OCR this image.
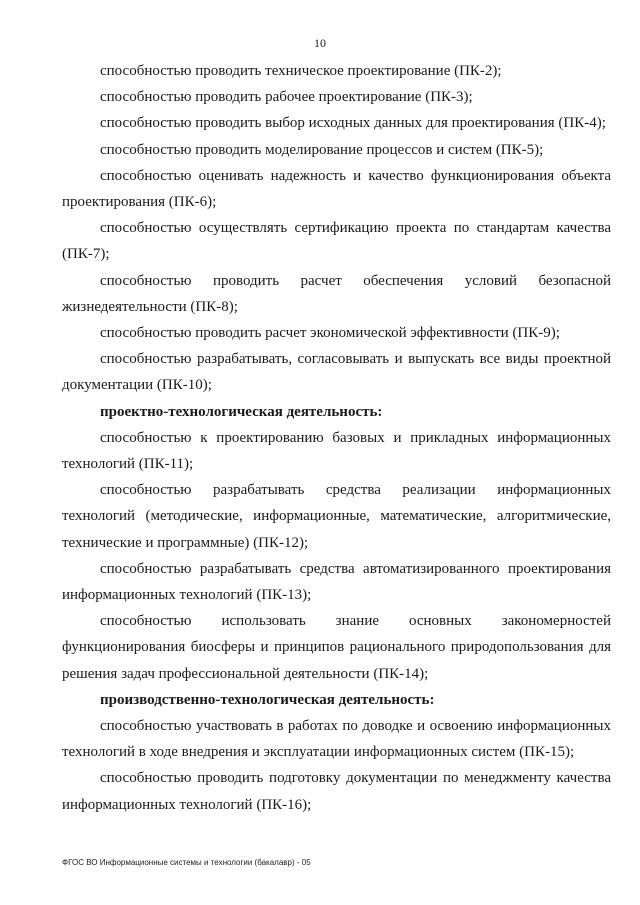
10

способностью проводить техническое проектирование (ПК-2);

способностью проводить рабочее проектирование (ПК-3);

способностью проводить выбор исходных данных для проектирования (ПК-4);

способностью проводить моделирование процессов и систем (ПК-5);

способностью оценивать надежность и качество функционирования объекта проектирования (ПК-6);

способностью осуществлять сертификацию проекта по стандартам качества (ПК-7);

способностью проводить расчет обеспечения условий безопасной жизнедеятельности (ПК-8);

способностью проводить расчет экономической эффективности (ПК-9);

способностью разрабатывать, согласовывать и выпускать все виды проектной документации (ПК-10);

проектно-технологическая деятельность:

способностью к проектированию базовых и прикладных информационных технологий (ПК-11);

способностью разрабатывать средства реализации информационных технологий (методические, информационные, математические, алгоритмические, технические и программные) (ПК-12);

способностью разрабатывать средства автоматизированного проектирования информационных технологий (ПК-13);

способностью использовать знание основных закономерностей функционирования биосферы и принципов рационального природопользования для решения задач профессиональной деятельности (ПК-14);

производственно-технологическая деятельность:

способностью участвовать в работах по доводке и освоению информационных технологий в ходе внедрения и эксплуатации информационных систем (ПК-15);

способностью проводить подготовку документации по менеджменту качества информационных технологий (ПК-16);

ФГОС ВО Информационные системы и технологии (бакалавр) - 05
